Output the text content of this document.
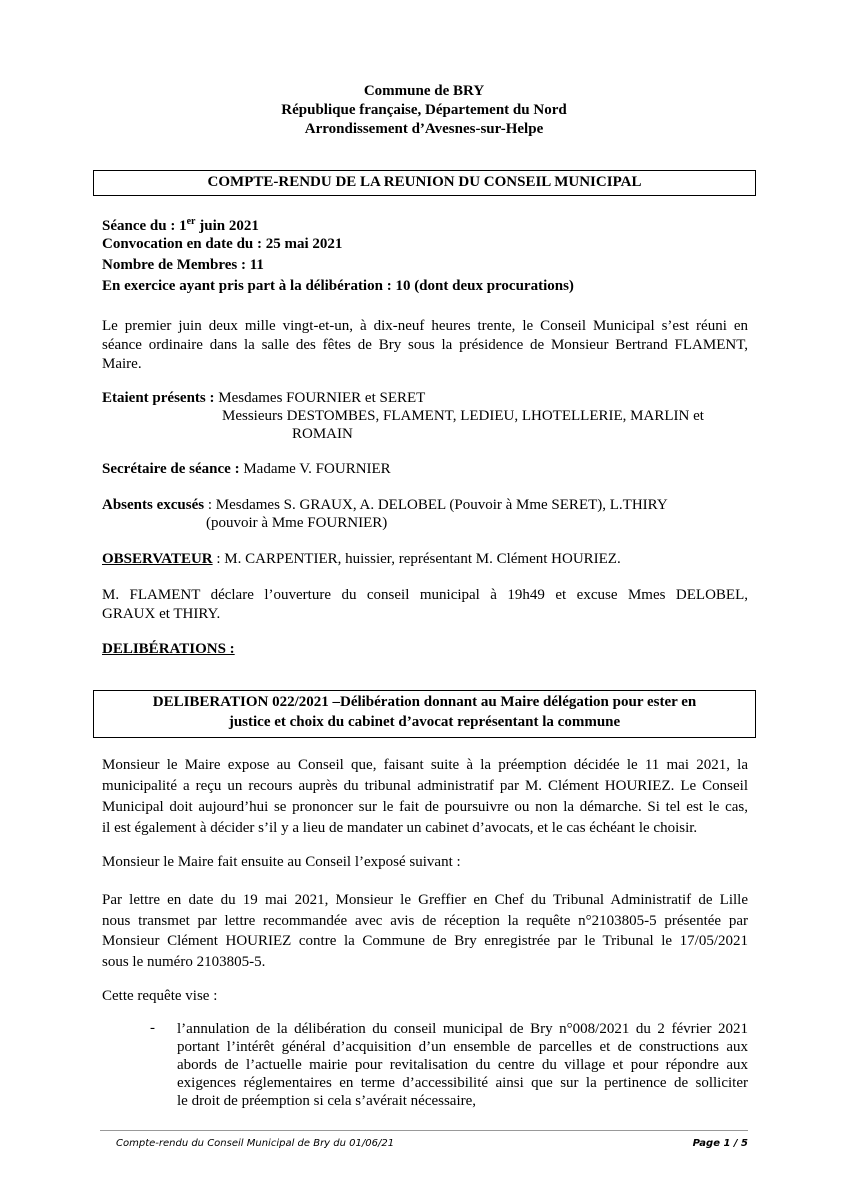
Commune de BRY
République française, Département du Nord
Arrondissement d’Avesnes-sur-Helpe
COMPTE-RENDU DE LA REUNION DU CONSEIL MUNICIPAL
Séance du : 1er juin 2021
Convocation en date du : 25 mai 2021
Nombre de Membres : 11
En exercice ayant pris part à la délibération : 10 (dont deux procurations)
Le premier juin deux mille vingt-et-un, à dix-neuf heures trente, le Conseil Municipal s’est réuni en
séance ordinaire dans la salle des fêtes de Bry sous la présidence de Monsieur Bertrand FLAMENT,
Maire.
Etaient présents : Mesdames FOURNIER et SERET
Messieurs DESTOMBES, FLAMENT, LEDIEU, LHOTELLERIE, MARLIN et
ROMAIN
Secrétaire de séance : Madame V. FOURNIER
Absents excusés : Mesdames S. GRAUX, A. DELOBEL (Pouvoir à Mme SERET), L.THIRY
(pouvoir à Mme FOURNIER)
OBSERVATEUR : M. CARPENTIER, huissier, représentant M. Clément HOURIEZ.
M. FLAMENT déclare l’ouverture du conseil municipal à 19h49 et excuse Mmes DELOBEL,
GRAUX et THIRY.
DELIBÉRATIONS :
DELIBERATION 022/2021 –Délibération donnant au Maire délégation pour ester en
justice et choix du cabinet d’avocat représentant la commune
Monsieur le Maire expose au Conseil que, faisant suite à la préemption décidée le 11 mai 2021, la
municipalité a reçu un recours auprès du tribunal administratif par M. Clément HOURIEZ. Le Conseil
Municipal doit aujourd’hui se prononcer sur le fait de poursuivre ou non la démarche. Si tel est le cas,
il est également à décider s’il y a lieu de mandater un cabinet d’avocats, et le cas échéant le choisir.
Monsieur le Maire fait ensuite au Conseil l’exposé suivant :
Par lettre en date du 19 mai 2021, Monsieur le Greffier en Chef du Tribunal Administratif de Lille
nous transmet par lettre recommandée avec avis de réception la requête n°2103805-5 présentée par
Monsieur Clément HOURIEZ contre la Commune de Bry enregistrée par le Tribunal le 17/05/2021
sous le numéro 2103805-5.
Cette requête vise :
- l’annulation de la délibération du conseil municipal de Bry n°008/2021 du 2 février 2021
portant l’intérêt général d’acquisition d’un ensemble de parcelles et de constructions aux
abords de l’actuelle mairie pour revitalisation du centre du village et pour répondre aux
exigences réglementaires en terme d’accessibilité ainsi que sur la pertinence de solliciter
le droit de préemption si cela s’avérait nécessaire,
Compte-rendu du Conseil Municipal de Bry du 01/06/21	Page 1 / 5
